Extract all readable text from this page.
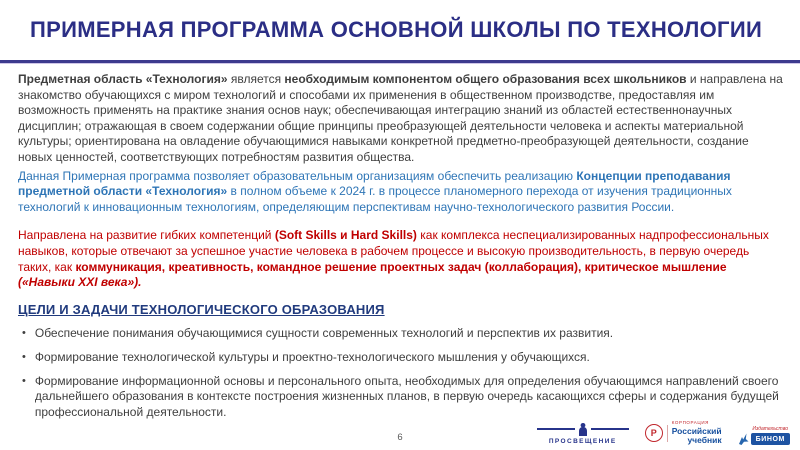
ПРИМЕРНАЯ ПРОГРАММА ОСНОВНОЙ ШКОЛЫ ПО ТЕХНОЛОГИИ

Предметная область «Технология» является необходимым компонентом общего образования всех школьников и направлена на знакомство обучающихся с миром технологий и способами их применения в общественном производстве, предоставляя им возможность применять на практике знания основ наук; обеспечивающая интеграцию знаний из областей естественнонаучных дисциплин; отражающая в своем содержании общие принципы преобразующей деятельности человека и аспекты материальной культуры; ориентирована на овладение обучающимися навыками конкретной предметно-преобразующей деятельности, создание новых ценностей, соответствующих потребностям развития общества.

Данная Примерная программа позволяет образовательным организациям обеспечить реализацию Концепции преподавания предметной области «Технология» в полном объеме к 2024 г. в процессе планомерного перехода от изучения традиционных технологий к инновационным технологиям, определяющим перспективам научно-технологического развития России.

Направлена на развитие гибких компетенций (Soft Skills и Hard Skills) как комплекса неспециализированных надпрофессиональных навыков, которые отвечают за успешное участие человека в рабочем процессе и высокую производительность, в первую очередь таких, как коммуникация, креативность, командное решение проектных задач (коллаборация), критическое мышление («Навыки XXI века»).

ЦЕЛИ И ЗАДАЧИ ТЕХНОЛОГИЧЕСКОГО ОБРАЗОВАНИЯ
• Обеспечение понимания обучающимися сущности современных технологий и перспектив их развития.
• Формирование технологической культуры и проектно-технологического мышления у обучающихся.
• Формирование информационной основы и персонального опыта, необходимых для определения обучающимся направлений своего дальнейшего образования в контексте построения жизненных планов, в первую очередь касающихся сферы и содержания будущей профессиональной деятельности.
6	ПРОСВЕЩЕНИЕ
Р
КОРПОРАЦИЯ
Российский
учебник
Издательство
БИНОМ
